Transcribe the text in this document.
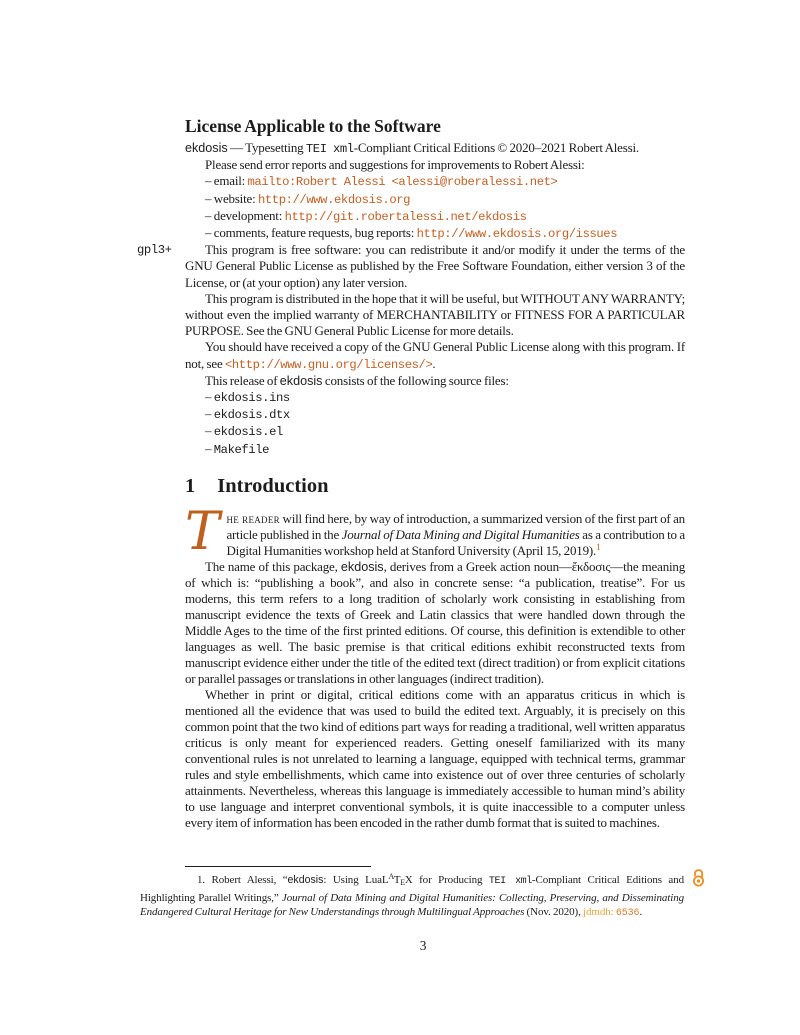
License Applicable to the Software

ekdosis — Typesetting TEI xml-Compliant Critical Editions © 2020–2021 Robert Alessi.

Please send error reports and suggestions for improvements to Robert Alessi:

– email: mailto:Robert Alessi <alessi@roberalessi.net>
– website: http://www.ekdosis.org
– development: http://git.robertalessi.net/ekdosis
– comments, feature requests, bug reports: http://www.ekdosis.org/issues
gpl3+	This program is free software: you can redistribute it and/or modify it under the terms of the GNU General Public License as published by the Free Software Foundation, either version 3 of the License, or (at your option) any later version.

This program is distributed in the hope that it will be useful, but WITHOUT ANY WARRANTY; without even the implied warranty of MERCHANTABILITY or FITNESS FOR A PARTICULAR PURPOSE. See the GNU General Public License for more details.

You should have received a copy of the GNU General Public License along with this program. If not, see <http://www.gnu.org/licenses/>.

This release of ekdosis consists of the following source files:

– ekdosis.ins
– ekdosis.dtx
– ekdosis.el
– Makefile
1 Introduction

The reader will find here, by way of introduction, a summarized version of the first part of an article published in the Journal of Data Mining and Digital Humanities as a contribution to a Digital Humanities workshop held at Stanford University (April 15, 2019).$^1$

The name of this package, ekdosis, derives from a Greek action noun—ἔκδοσις—the meaning of which is: “publishing a book”, and also in concrete sense: “a publication, treatise”. For us moderns, this term refers to a long tradition of scholarly work consisting in establishing from manuscript evidence the texts of Greek and Latin classics that were handled down through the Middle Ages to the time of the first printed editions. Of course, this definition is extendible to other languages as well. The basic premise is that critical editions exhibit reconstructed texts from manuscript evidence either under the title of the edited text (direct tradition) or from explicit citations or parallel passages or translations in other languages (indirect tradition).

Whether in print or digital, critical editions come with an apparatus criticus in which is mentioned all the evidence that was used to build the edited text. Arguably, it is precisely on this common point that the two kind of editions part ways for reading a traditional, well written apparatus criticus is only meant for experienced readers. Getting oneself familiarized with its many conventional rules is not unrelated to learning a language, equipped with technical terms, grammar rules and style embellishments, which came into existence out of over three centuries of scholarly attainments. Nevertheless, whereas this language is immediately accessible to human mind’s ability to use language and interpret conventional symbols, it is quite inaccessible to a computer unless every item of information has been encoded in the rather dumb format that is suited to machines.

1. Robert Alessi, “ekdosis: Using LuaL$^A$TEX for Producing TEI xml-Compliant Critical Editions and Highlighting Parallel Writings,” Journal of Data Mining and Digital Humanities: Collecting, Preserving, and Disseminating Endangered Cultural Heritage for New Understandings through Multilingual Approaches (Nov. 2020), jdmdh: 6536.
3
